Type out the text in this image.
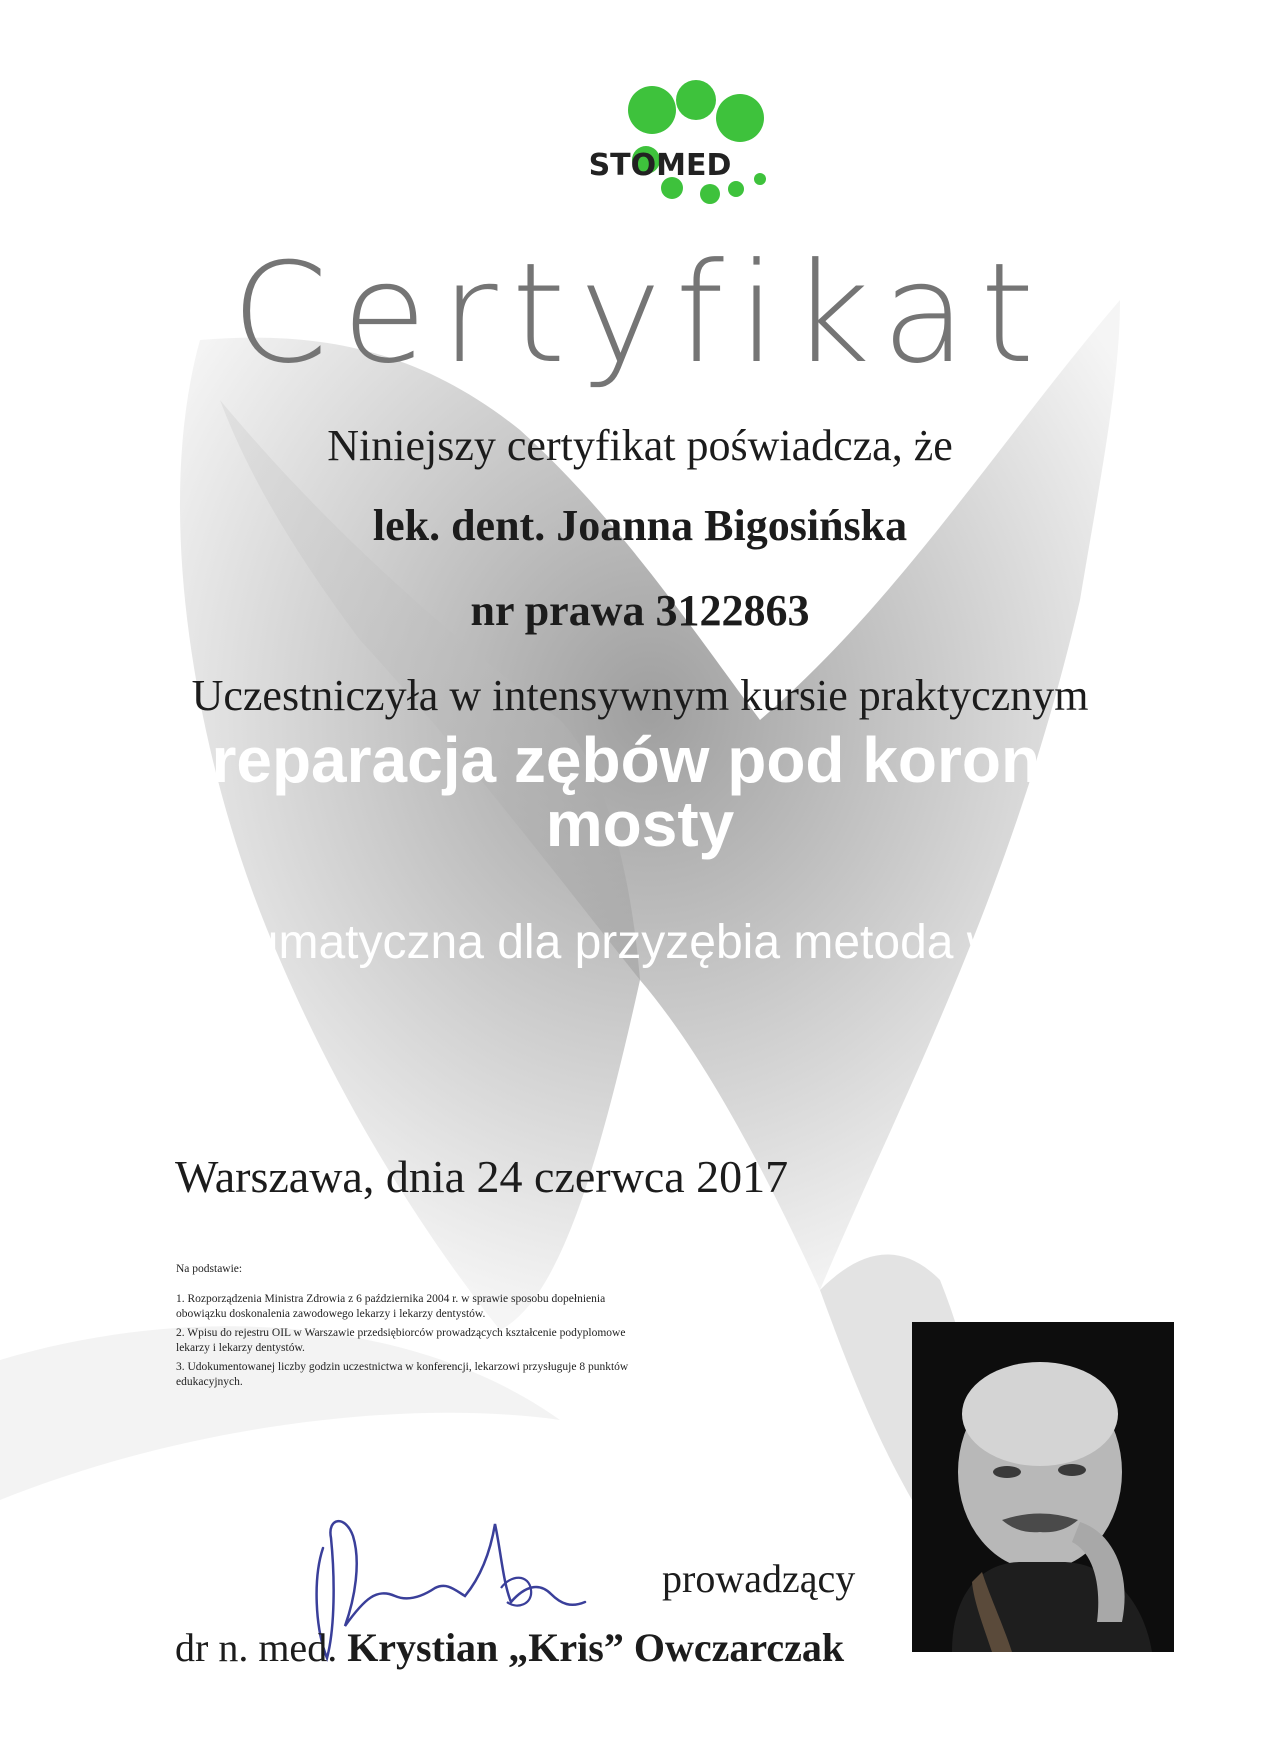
STOMED
Certyfikat
Niniejszy certyfikat poświadcza, że
lek. dent. Joanna Bigosińska
nr prawa 3122863
Uczestniczyła w intensywnym kursie praktycznym
Preparacja zębów pod korony i mosty
Atraumatyczna dla przyzębia metoda własna
Warszawa, dnia 24 czerwca 2017
Na podstawie:
1. Rozporządzenia Ministra Zdrowia z 6 października 2004 r. w sprawie sposobu dopełnienia obowiązku doskonalenia zawodowego lekarzy i lekarzy dentystów.
2. Wpisu do rejestru OIL w Warszawie przedsiębiorców prowadzących kształcenie podyplomowe lekarzy i lekarzy dentystów.
3. Udokumentowanej liczby godzin uczestnictwa w konferencji, lekarzowi przysługuje 8 punktów edukacyjnych.
prowadzący
dr n. med. Krystian „Kris” Owczarczak
